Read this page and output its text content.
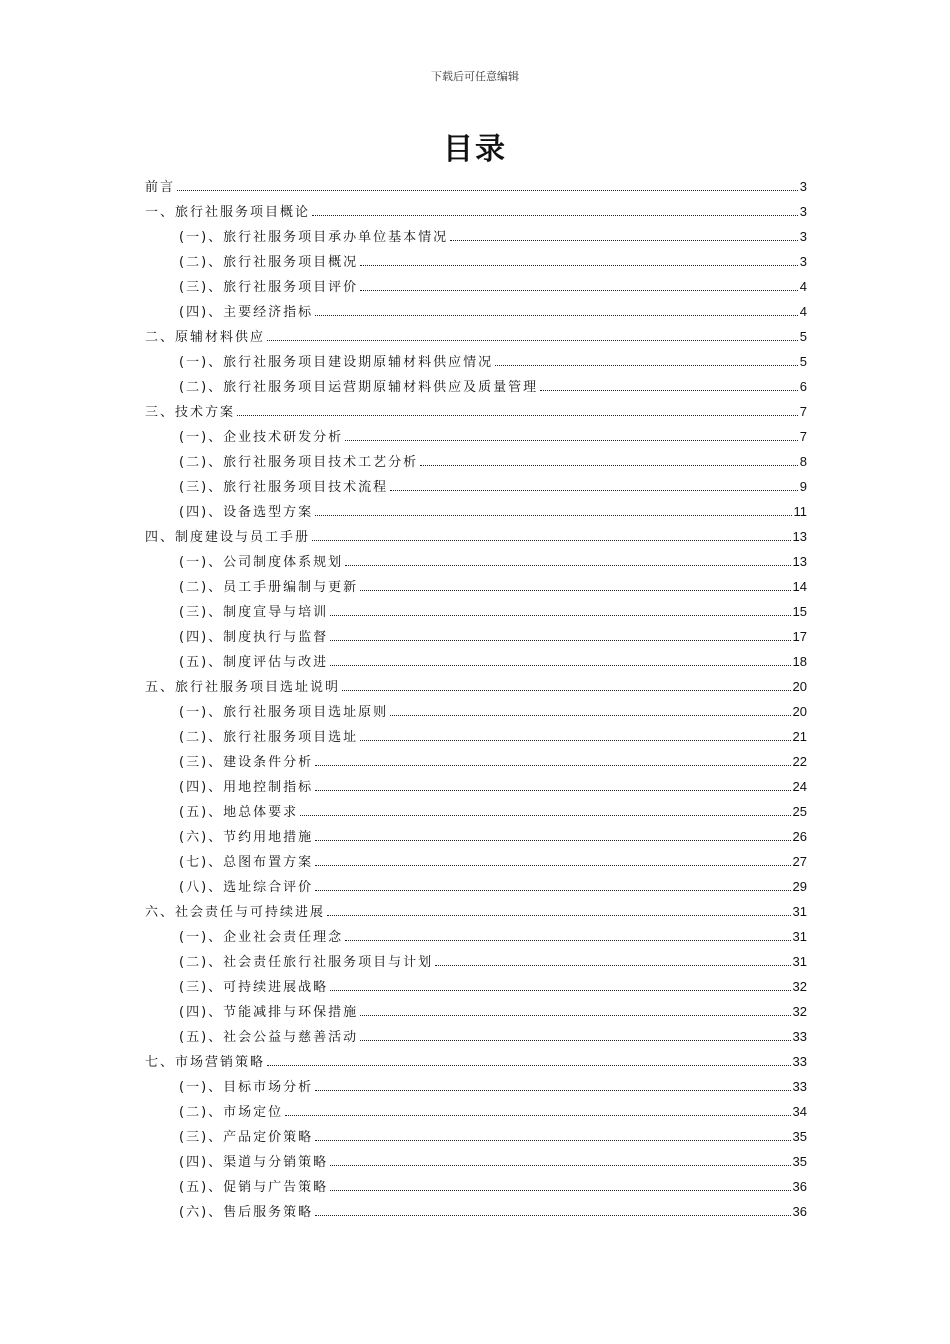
下载后可任意编辑
目录
前言	3
一、旅行社服务项目概论	3
(一)、旅行社服务项目承办单位基本情况	3
(二)、旅行社服务项目概况	3
(三)、旅行社服务项目评价	4
(四)、主要经济指标	4
二、原辅材料供应	5
(一)、旅行社服务项目建设期原辅材料供应情况	5
(二)、旅行社服务项目运营期原辅材料供应及质量管理	6
三、技术方案	7
(一)、企业技术研发分析	7
(二)、旅行社服务项目技术工艺分析	8
(三)、旅行社服务项目技术流程	9
(四)、设备选型方案	11
四、制度建设与员工手册	13
(一)、公司制度体系规划	13
(二)、员工手册编制与更新	14
(三)、制度宣导与培训	15
(四)、制度执行与监督	17
(五)、制度评估与改进	18
五、旅行社服务项目选址说明	20
(一)、旅行社服务项目选址原则	20
(二)、旅行社服务项目选址	21
(三)、建设条件分析	22
(四)、用地控制指标	24
(五)、地总体要求	25
(六)、节约用地措施	26
(七)、总图布置方案	27
(八)、选址综合评价	29
六、社会责任与可持续进展	31
(一)、企业社会责任理念	31
(二)、社会责任旅行社服务项目与计划	31
(三)、可持续进展战略	32
(四)、节能减排与环保措施	32
(五)、社会公益与慈善活动	33
七、市场营销策略	33
(一)、目标市场分析	33
(二)、市场定位	34
(三)、产品定价策略	35
(四)、渠道与分销策略	35
(五)、促销与广告策略	36
(六)、售后服务策略	36
